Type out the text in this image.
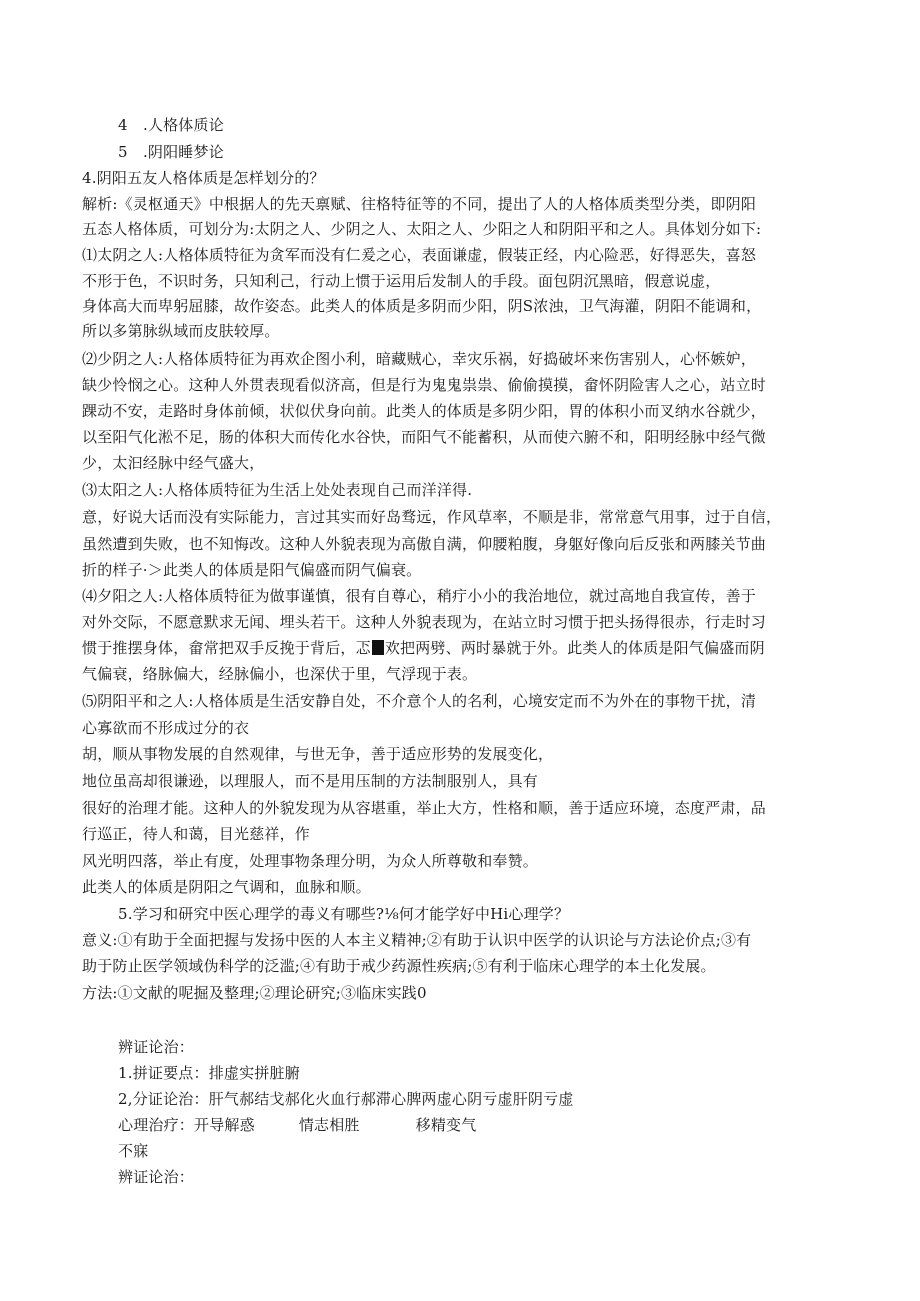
4　.人格体质论
5　.阴阳睡梦论
4.阴阳五友人格体质是怎样划分的？
解析:《灵枢通天》中根据人的先天禀赋、往格特征等的不同，提出了人的人格体质类型分类，即阴阳
五态人格体质，可划分为:太阴之人、少阴之人、太阳之人、少阳之人和阴阳平和之人。具体划分如下:
⑴太阴之人:人格体质特征为贪军而没有仁爰之心，表面谦虚，假装正经，内心险恶，好得恶失，喜怒
不形于色，不识时务，只知利己，行动上惯于运用后发制人的手段。面包阴沉黑暗，假意说虚，
身体高大而卑躬屈膝，故作姿态。此类人的体质是多阴而少阳，阴S浓浊，卫气海灌，阴阳不能调和，
所以多第脉纵域而皮肤较厚。
⑵少阴之人:人格体质特征为再欢企图小利，暗藏贼心，幸灾乐祸，好捣破坏来伤害别人，心怀嫉妒，
缺少怜悯之心。这种人外贯表现看似济高，但是行为鬼鬼祟祟、偷偷摸摸，畲怀阴险害人之心，站立时
踝动不安，走路时身体前倾，状似伏身向前。此类人的体质是多阴少阳，胃的体积小而叉纳水谷就少，
以至阳气化淞不足，肠的体积大而传化水谷快，而阳气不能蓄积，从而使六腑不和，阳明经脉中经气微
少，太汩经脉中经气盛大，
⑶太阳之人:人格体质特征为生活上处处表现自己而洋洋得.
意，好说大话而没有实际能力，言过其实而好岛骛远，作风草率，不顺是非，常常意气用事，过于自信，
虽然遭到失败，也不知悔改。这种人外貌表现为高傲自满，仰腰粕腹，身躯好像向后反张和两膝关节曲
折的样子·＞此类人的体质是阳气偏盛而阴气偏衰。
⑷夕阳之人:人格体质特征为做事谨慎，很有自尊心，稍疔小小的我治地位，就过高地自我宣传，善于
对外交际，不愿意默求无闻、埋头若干。这种人外貌表现为，在站立时习惯于把头扬得很赤，行走时习
惯于推摆身体，畲常把双手反挽于背后，忑 欢把两劈、两时暴就于外。此类人的体质是阳气偏盛而阴
气偏衰，络脉偏大，经脉偏小，也深伏于里，气浮现于表。
⑸阴阳平和之人:人格体质是生活安静自处，不介意个人的名利，心境安定而不为外在的事物干扰，清
心寡欲而不形成过分的衣
胡，顺从事物发展的自然观律，与世无争，善于适应形势的发展变化，
地位虽高却很谦逊，以理服人，而不是用压制的方法制服别人，具有
很好的治理才能。这种人的外貌发现为从容堪重，举止大方，性格和顺，善于适应环境，态度严肃，品
行巡正，待人和蔼，目光慈祥，作
风光明四落，举止有度，处理事物条理分明，为众人所尊敬和奉赞。
此类人的体质是阴阳之气调和，血脉和顺。
5.学习和研究中医心理学的毒义有哪些?⅛何才能学好中Hi心理学？
意义:①有助于全面把握与发扬中医的人本主义精神;②有助于认识中医学的认识论与方法论价点;③有
助于防止医学领域伪科学的泛滥;④有助于戒少药源性疾病;⑤有利于临床心理学的本土化发展。
方法:①文献的呢掘及整理;②理论研究;③临床实践0
辨证论治：
1.拼证要点：排虚实拼脏腑
2,分证论治：肝气郝结戈郝化火血行郝滞心脾两虚心阴亏虚肝阴亏虚
心理治疗：开导解惑	情志相胜	移精变气
不寐
辨证论治：
